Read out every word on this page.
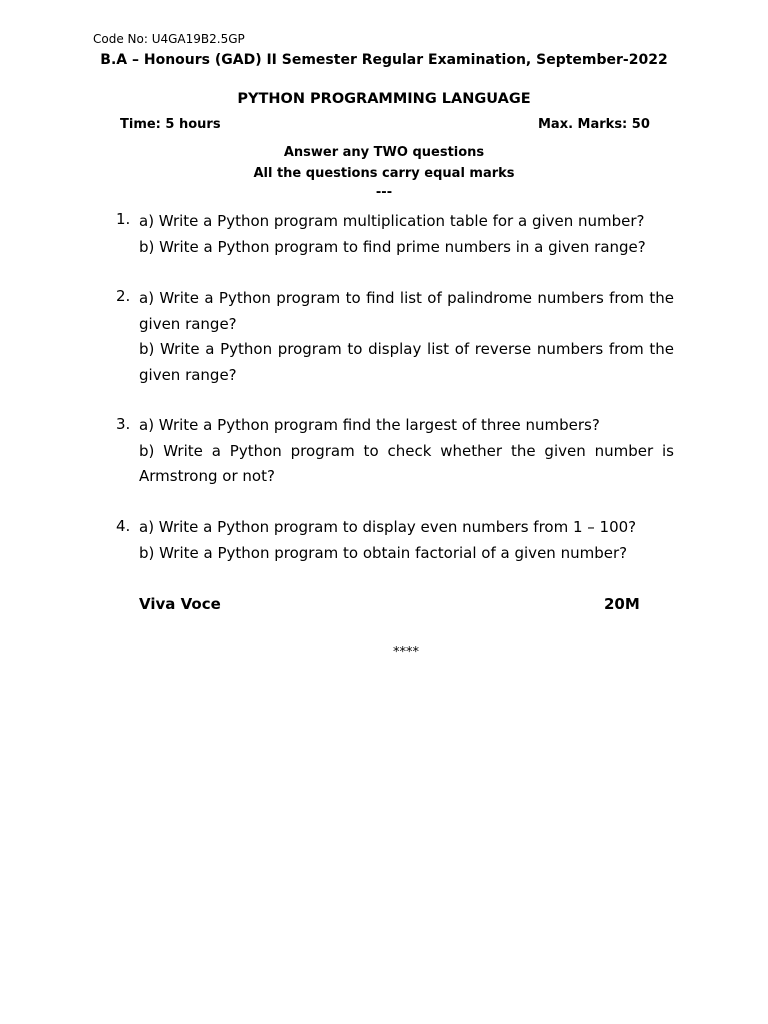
Code No: U4GA19B2.5GP
B.A – Honours (GAD) II Semester Regular Examination, September-2022
PYTHON PROGRAMMING LANGUAGE
Time: 5 hours	Max. Marks: 50
Answer any TWO questions
All the questions carry equal marks
---
1. a) Write a Python program multiplication table for a given number?

b) Write a Python program to find prime numbers in a given range?

2. a) Write a Python program to find list of palindrome numbers from the given range?

b) Write a Python program to display list of reverse numbers from the given range?

3. a) Write a Python program find the largest of three numbers?

b) Write a Python program to check whether the given number is Armstrong or not?

4. a) Write a Python program to display even numbers from 1 – 100?

b) Write a Python program to obtain factorial of a given number?

Viva Voce	20M
****
